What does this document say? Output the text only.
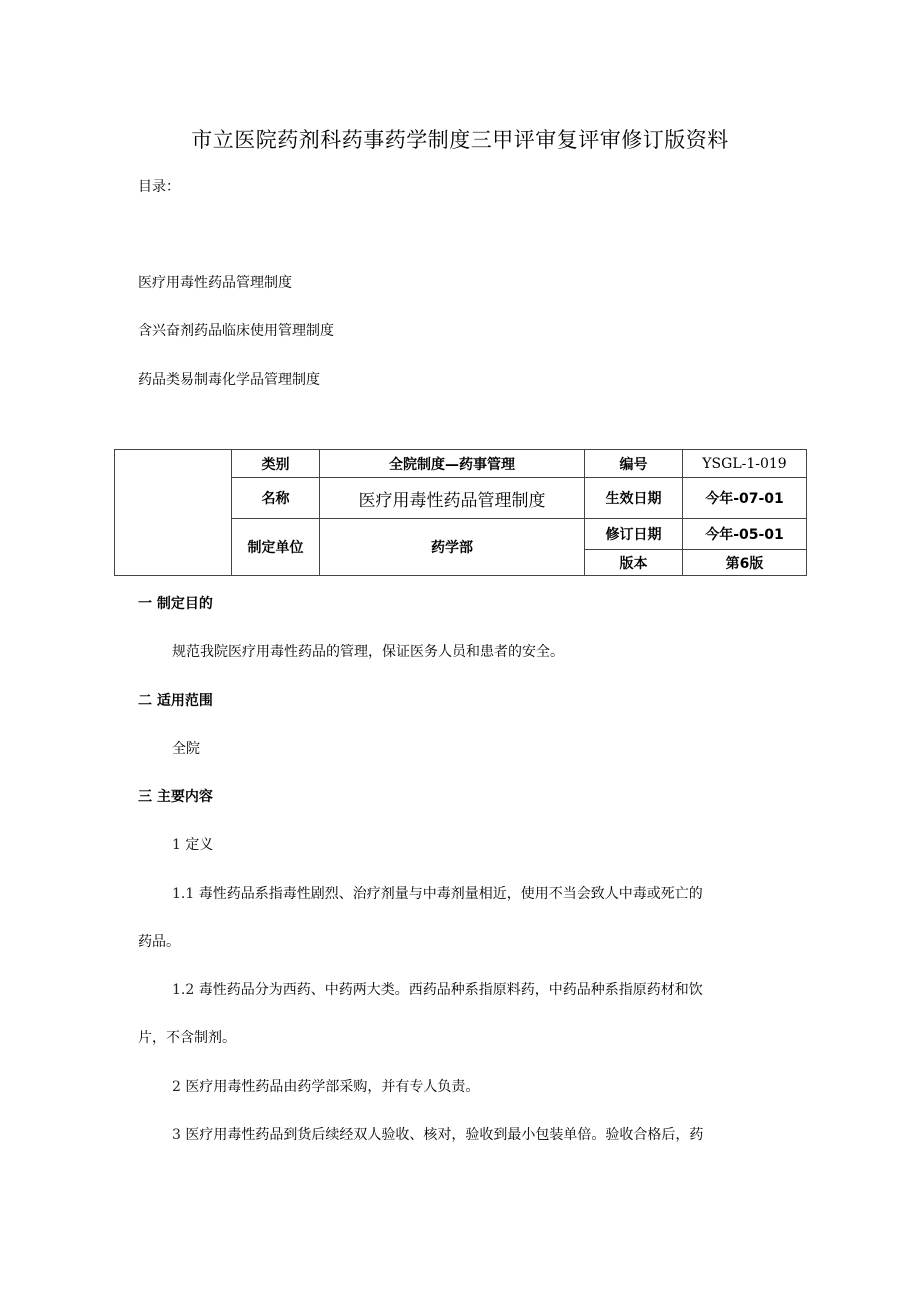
市立医院药剂科药事药学制度三甲评审复评审修订版资料
目录：
医疗用毒性药品管理制度
含兴奋剂药品临床使用管理制度
药品类易制毒化学品管理制度
	类别	全院制度—药事管理	编号	YSGL-1-019
	名称	医疗用毒性药品管理制度	生效日期	今年-07-01
	制定单位	药学部	修订日期	今年-05-01
			版本	第6版
一 制定目的
规范我院医疗用毒性药品的管理，保证医务人员和患者的安全。
二 适用范围
全院
三 主要内容
1 定义
1.1 毒性药品系指毒性剧烈、治疗剂量与中毒剂量相近，使用不当会致人中毒或死亡的
药品。
1.2 毒性药品分为西药、中药两大类。西药品种系指原料药，中药品种系指原药材和饮
片，不含制剂。
2 医疗用毒性药品由药学部采购，并有专人负责。
3 医疗用毒性药品到货后续经双人验收、核对，验收到最小包装单倍。验收合格后，药
